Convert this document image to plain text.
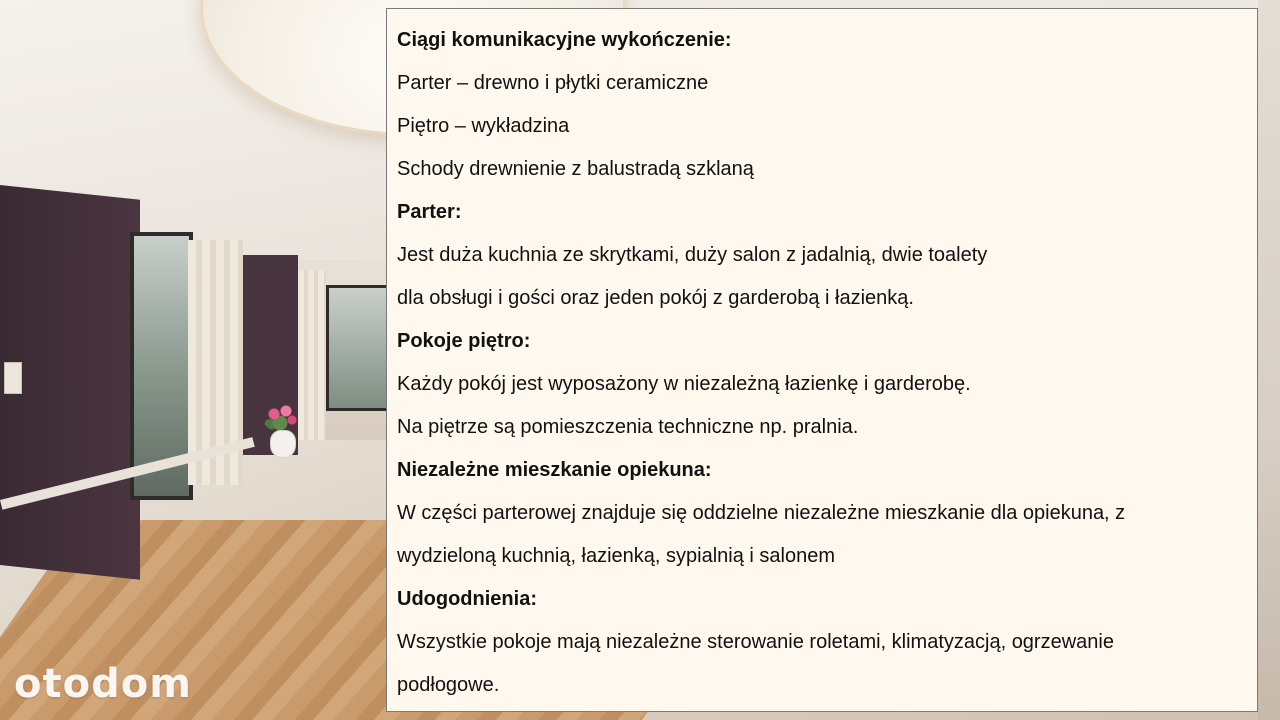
otodom
Ciągi komunikacyjne wykończenie:
Parter – drewno i płytki ceramiczne
Piętro – wykładzina
Schody drewnienie z balustradą szklaną
Parter:
Jest duża kuchnia ze skrytkami, duży salon z jadalnią, dwie toalety
dla obsługi i gości oraz jeden pokój z garderobą i łazienką.
Pokoje piętro:
Każdy pokój jest wyposażony w niezależną łazienkę i garderobę.
Na piętrze są pomieszczenia techniczne np. pralnia.
Niezależne mieszkanie opiekuna:
W części parterowej znajduje się oddzielne niezależne mieszkanie dla opiekuna, z
wydzieloną kuchnią, łazienką, sypialnią i salonem
Udogodnienia:
Wszystkie pokoje mają niezależne sterowanie roletami, klimatyzacją, ogrzewanie
podłogowe.
